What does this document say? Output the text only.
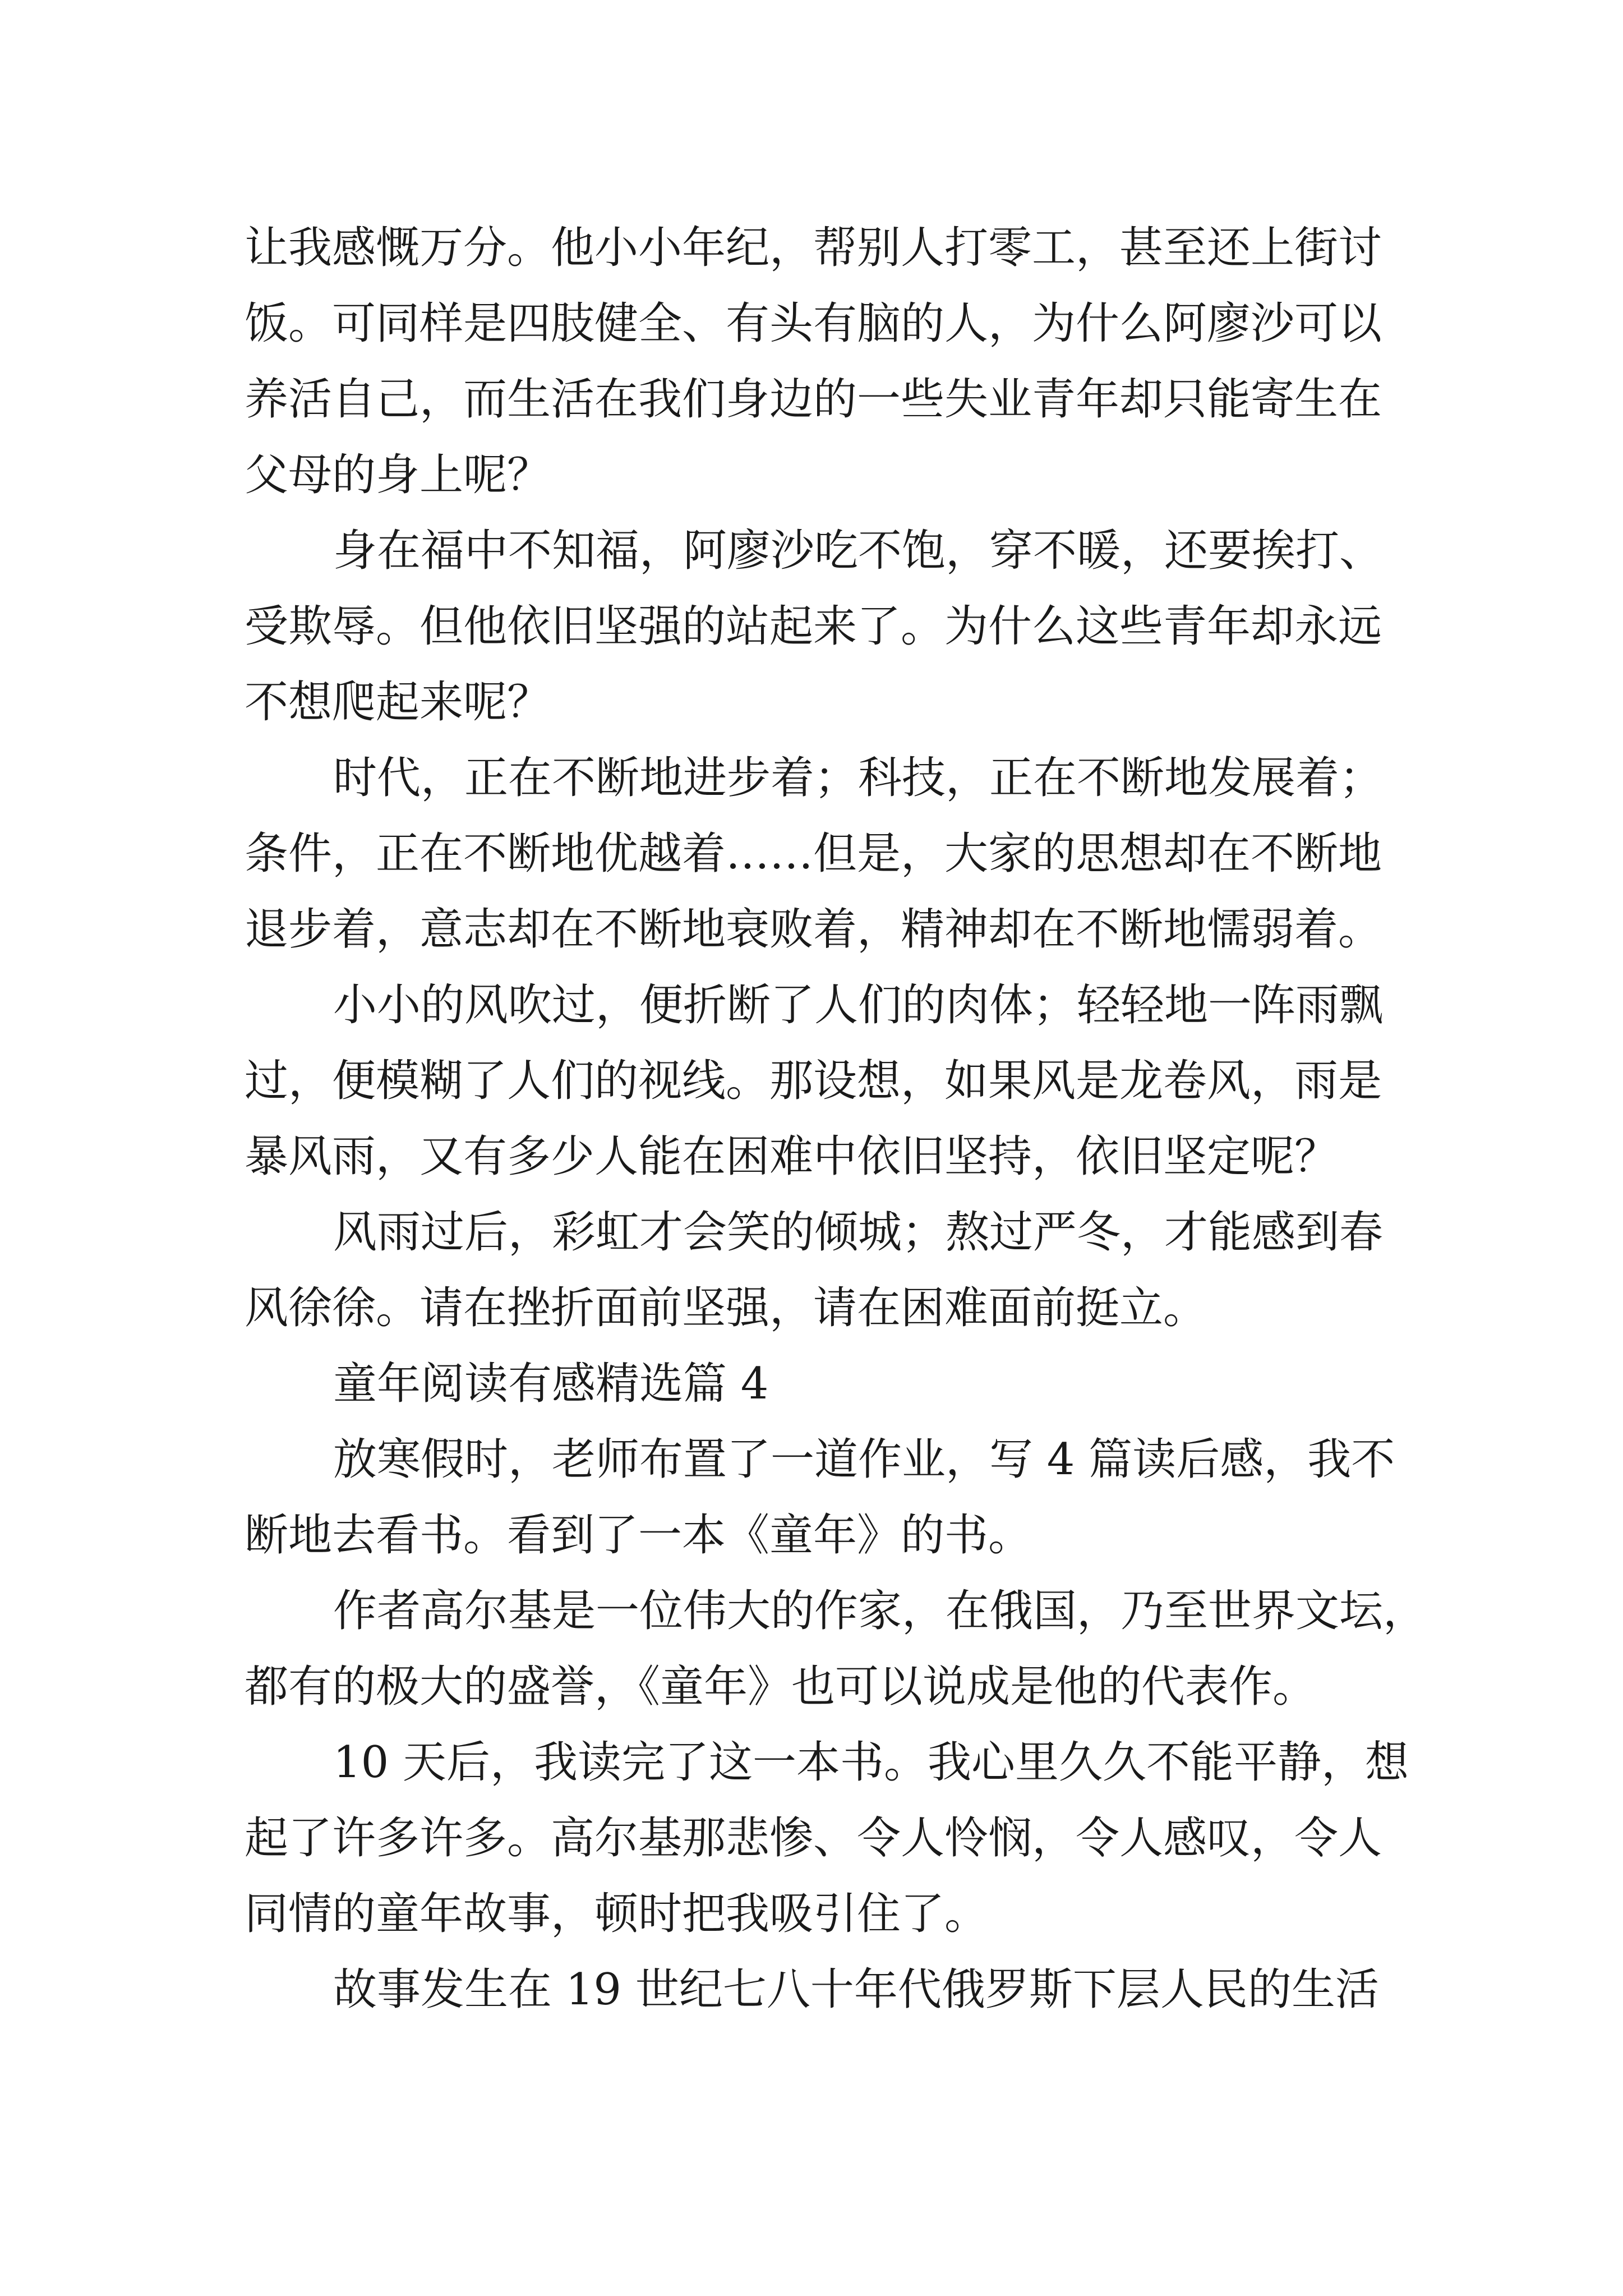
让我感慨万分。他小小年纪，帮别人打零工，甚至还上街讨
饭。可同样是四肢健全、有头有脑的人，为什么阿廖沙可以
养活自己，而生活在我们身边的一些失业青年却只能寄生在
父母的身上呢？
身在福中不知福，阿廖沙吃不饱，穿不暖，还要挨打、
受欺辱。但他依旧坚强的站起来了。为什么这些青年却永远
不想爬起来呢？
时代，正在不断地进步着；科技，正在不断地发展着；
条件，正在不断地优越着……但是，大家的思想却在不断地
退步着，意志却在不断地衰败着，精神却在不断地懦弱着。
小小的风吹过，便折断了人们的肉体；轻轻地一阵雨飘
过，便模糊了人们的视线。那设想，如果风是龙卷风，雨是
暴风雨，又有多少人能在困难中依旧坚持，依旧坚定呢？
风雨过后，彩虹才会笑的倾城；熬过严冬，才能感到春
风徐徐。请在挫折面前坚强，请在困难面前挺立。
童年阅读有感精选篇 4
放寒假时，老师布置了一道作业，写 4 篇读后感，我不
断地去看书。看到了一本《童年》的书。
作者高尔基是一位伟大的作家，在俄国，乃至世界文坛，
都有的极大的盛誉，《童年》也可以说成是他的代表作。
10 天后，我读完了这一本书。我心里久久不能平静，想
起了许多许多。高尔基那悲惨、令人怜悯，令人感叹，令人
同情的童年故事，顿时把我吸引住了。
故事发生在 19 世纪七八十年代俄罗斯下层人民的生活
